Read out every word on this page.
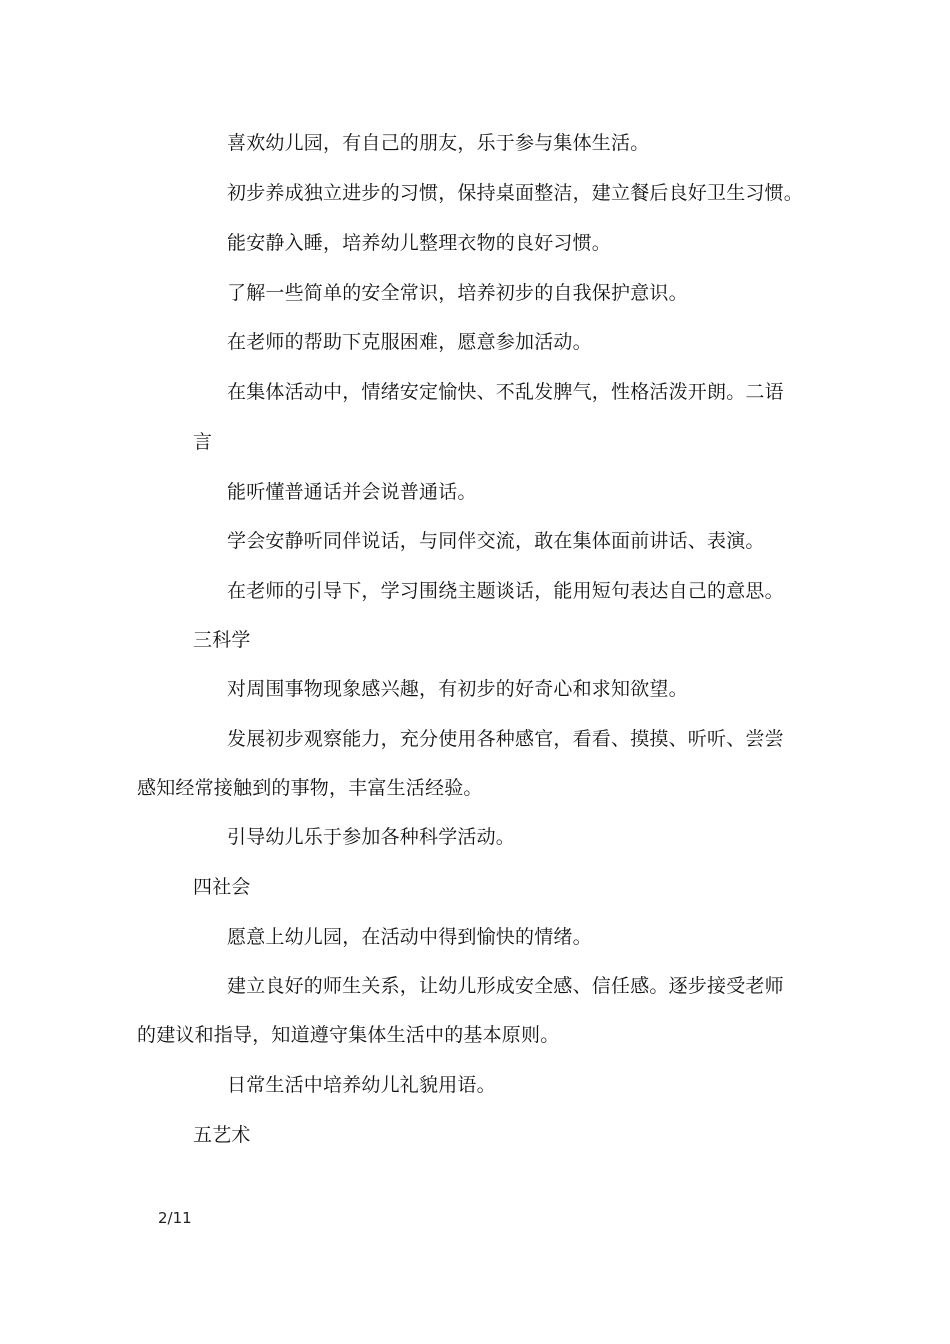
喜欢幼儿园，有自己的朋友，乐于参与集体生活。
初步养成独立进步的习惯，保持桌面整洁，建立餐后良好卫生习惯。
能安静入睡，培养幼儿整理衣物的良好习惯。
了解一些简单的安全常识，培养初步的自我保护意识。
在老师的帮助下克服困难，愿意参加活动。
在集体活动中，情绪安定愉快、不乱发脾气，性格活泼开朗。二语
言
能听懂普通话并会说普通话。
学会安静听同伴说话，与同伴交流，敢在集体面前讲话、表演。
在老师的引导下，学习围绕主题谈话，能用短句表达自己的意思。
三科学
对周围事物现象感兴趣，有初步的好奇心和求知欲望。
发展初步观察能力，充分使用各种感官，看看、摸摸、听听、尝尝
感知经常接触到的事物，丰富生活经验。
引导幼儿乐于参加各种科学活动。
四社会
愿意上幼儿园，在活动中得到愉快的情绪。
建立良好的师生关系，让幼儿形成安全感、信任感。逐步接受老师
的建议和指导，知道遵守集体生活中的基本原则。
日常生活中培养幼儿礼貌用语。
五艺术
2/11
